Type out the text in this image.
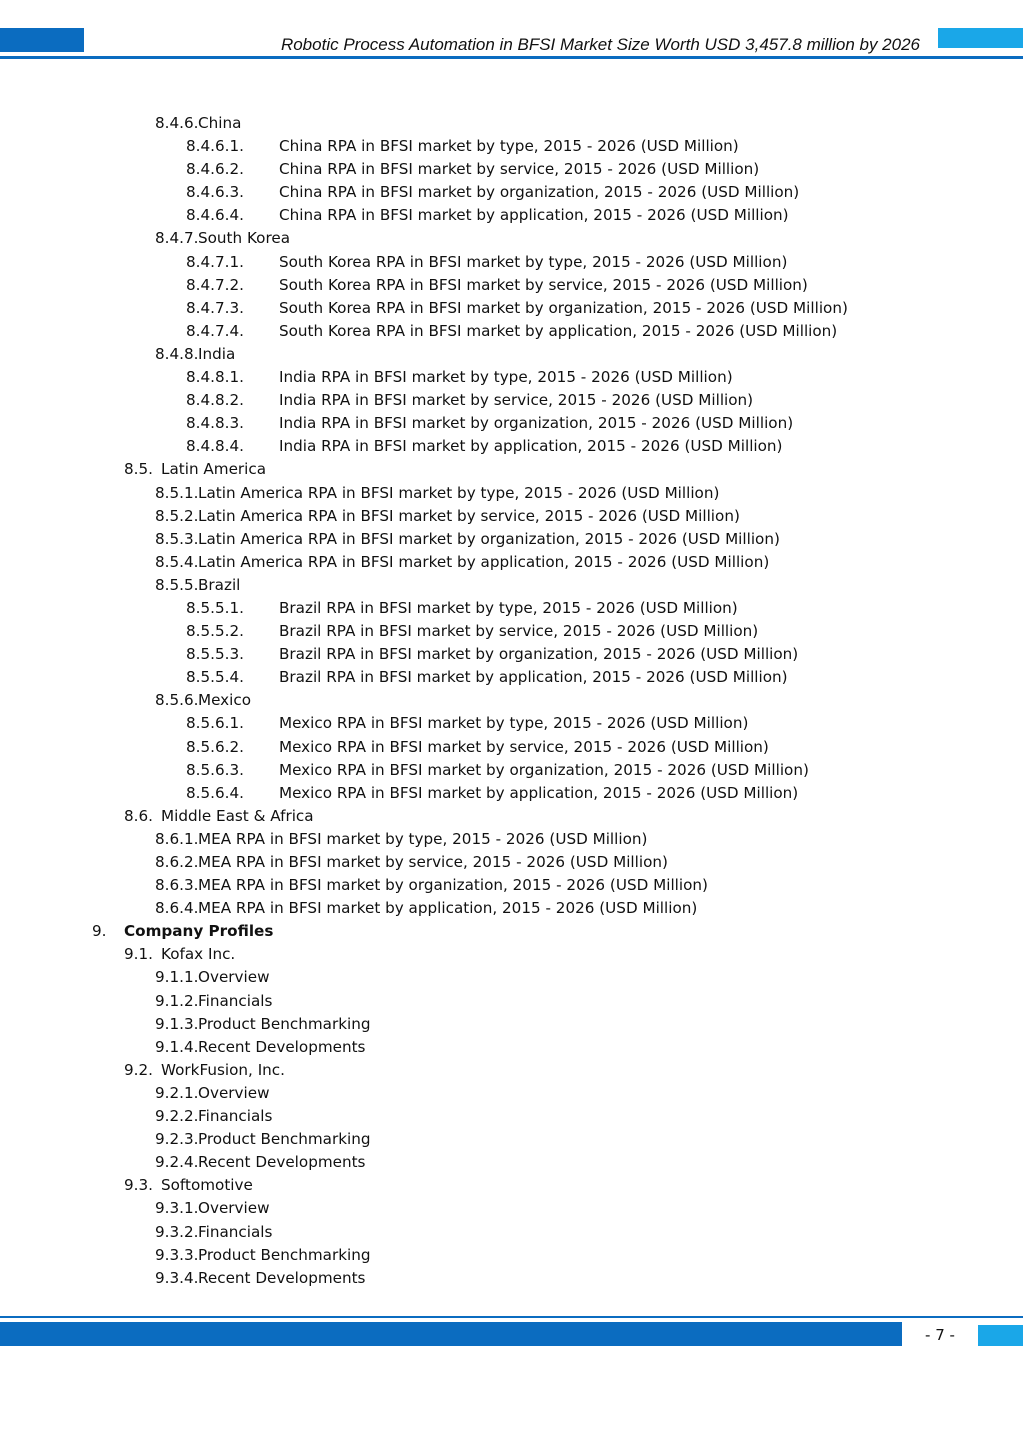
Robotic Process Automation in BFSI Market Size Worth USD 3,457.8 million by 2026
8.4.6. China
8.4.6.1. China RPA in BFSI market by type, 2015 - 2026 (USD Million)
8.4.6.2. China RPA in BFSI market by service, 2015 - 2026 (USD Million)
8.4.6.3. China RPA in BFSI market by organization, 2015 - 2026 (USD Million)
8.4.6.4. China RPA in BFSI market by application, 2015 - 2026 (USD Million)
8.4.7. South Korea
8.4.7.1. South Korea RPA in BFSI market by type, 2015 - 2026 (USD Million)
8.4.7.2. South Korea RPA in BFSI market by service, 2015 - 2026 (USD Million)
8.4.7.3. South Korea RPA in BFSI market by organization, 2015 - 2026 (USD Million)
8.4.7.4. South Korea RPA in BFSI market by application, 2015 - 2026 (USD Million)
8.4.8. India
8.4.8.1. India RPA in BFSI market by type, 2015 - 2026 (USD Million)
8.4.8.2. India RPA in BFSI market by service, 2015 - 2026 (USD Million)
8.4.8.3. India RPA in BFSI market by organization, 2015 - 2026 (USD Million)
8.4.8.4. India RPA in BFSI market by application, 2015 - 2026 (USD Million)
8.5. Latin America
8.5.1. Latin America RPA in BFSI market by type, 2015 - 2026 (USD Million)
8.5.2. Latin America RPA in BFSI market by service, 2015 - 2026 (USD Million)
8.5.3. Latin America RPA in BFSI market by organization, 2015 - 2026 (USD Million)
8.5.4. Latin America RPA in BFSI market by application, 2015 - 2026 (USD Million)
8.5.5. Brazil
8.5.5.1. Brazil RPA in BFSI market by type, 2015 - 2026 (USD Million)
8.5.5.2. Brazil RPA in BFSI market by service, 2015 - 2026 (USD Million)
8.5.5.3. Brazil RPA in BFSI market by organization, 2015 - 2026 (USD Million)
8.5.5.4. Brazil RPA in BFSI market by application, 2015 - 2026 (USD Million)
8.5.6. Mexico
8.5.6.1. Mexico RPA in BFSI market by type, 2015 - 2026 (USD Million)
8.5.6.2. Mexico RPA in BFSI market by service, 2015 - 2026 (USD Million)
8.5.6.3. Mexico RPA in BFSI market by organization, 2015 - 2026 (USD Million)
8.5.6.4. Mexico RPA in BFSI market by application, 2015 - 2026 (USD Million)
8.6. Middle East & Africa
8.6.1. MEA RPA in BFSI market by type, 2015 - 2026 (USD Million)
8.6.2. MEA RPA in BFSI market by service, 2015 - 2026 (USD Million)
8.6.3. MEA RPA in BFSI market by organization, 2015 - 2026 (USD Million)
8.6.4. MEA RPA in BFSI market by application, 2015 - 2026 (USD Million)
9. Company Profiles
9.1. Kofax Inc.
9.1.1. Overview
9.1.2. Financials
9.1.3. Product Benchmarking
9.1.4. Recent Developments
9.2. WorkFusion, Inc.
9.2.1. Overview
9.2.2. Financials
9.2.3. Product Benchmarking
9.2.4. Recent Developments
9.3. Softomotive
9.3.1. Overview
9.3.2. Financials
9.3.3. Product Benchmarking
9.3.4. Recent Developments
- 7 -
